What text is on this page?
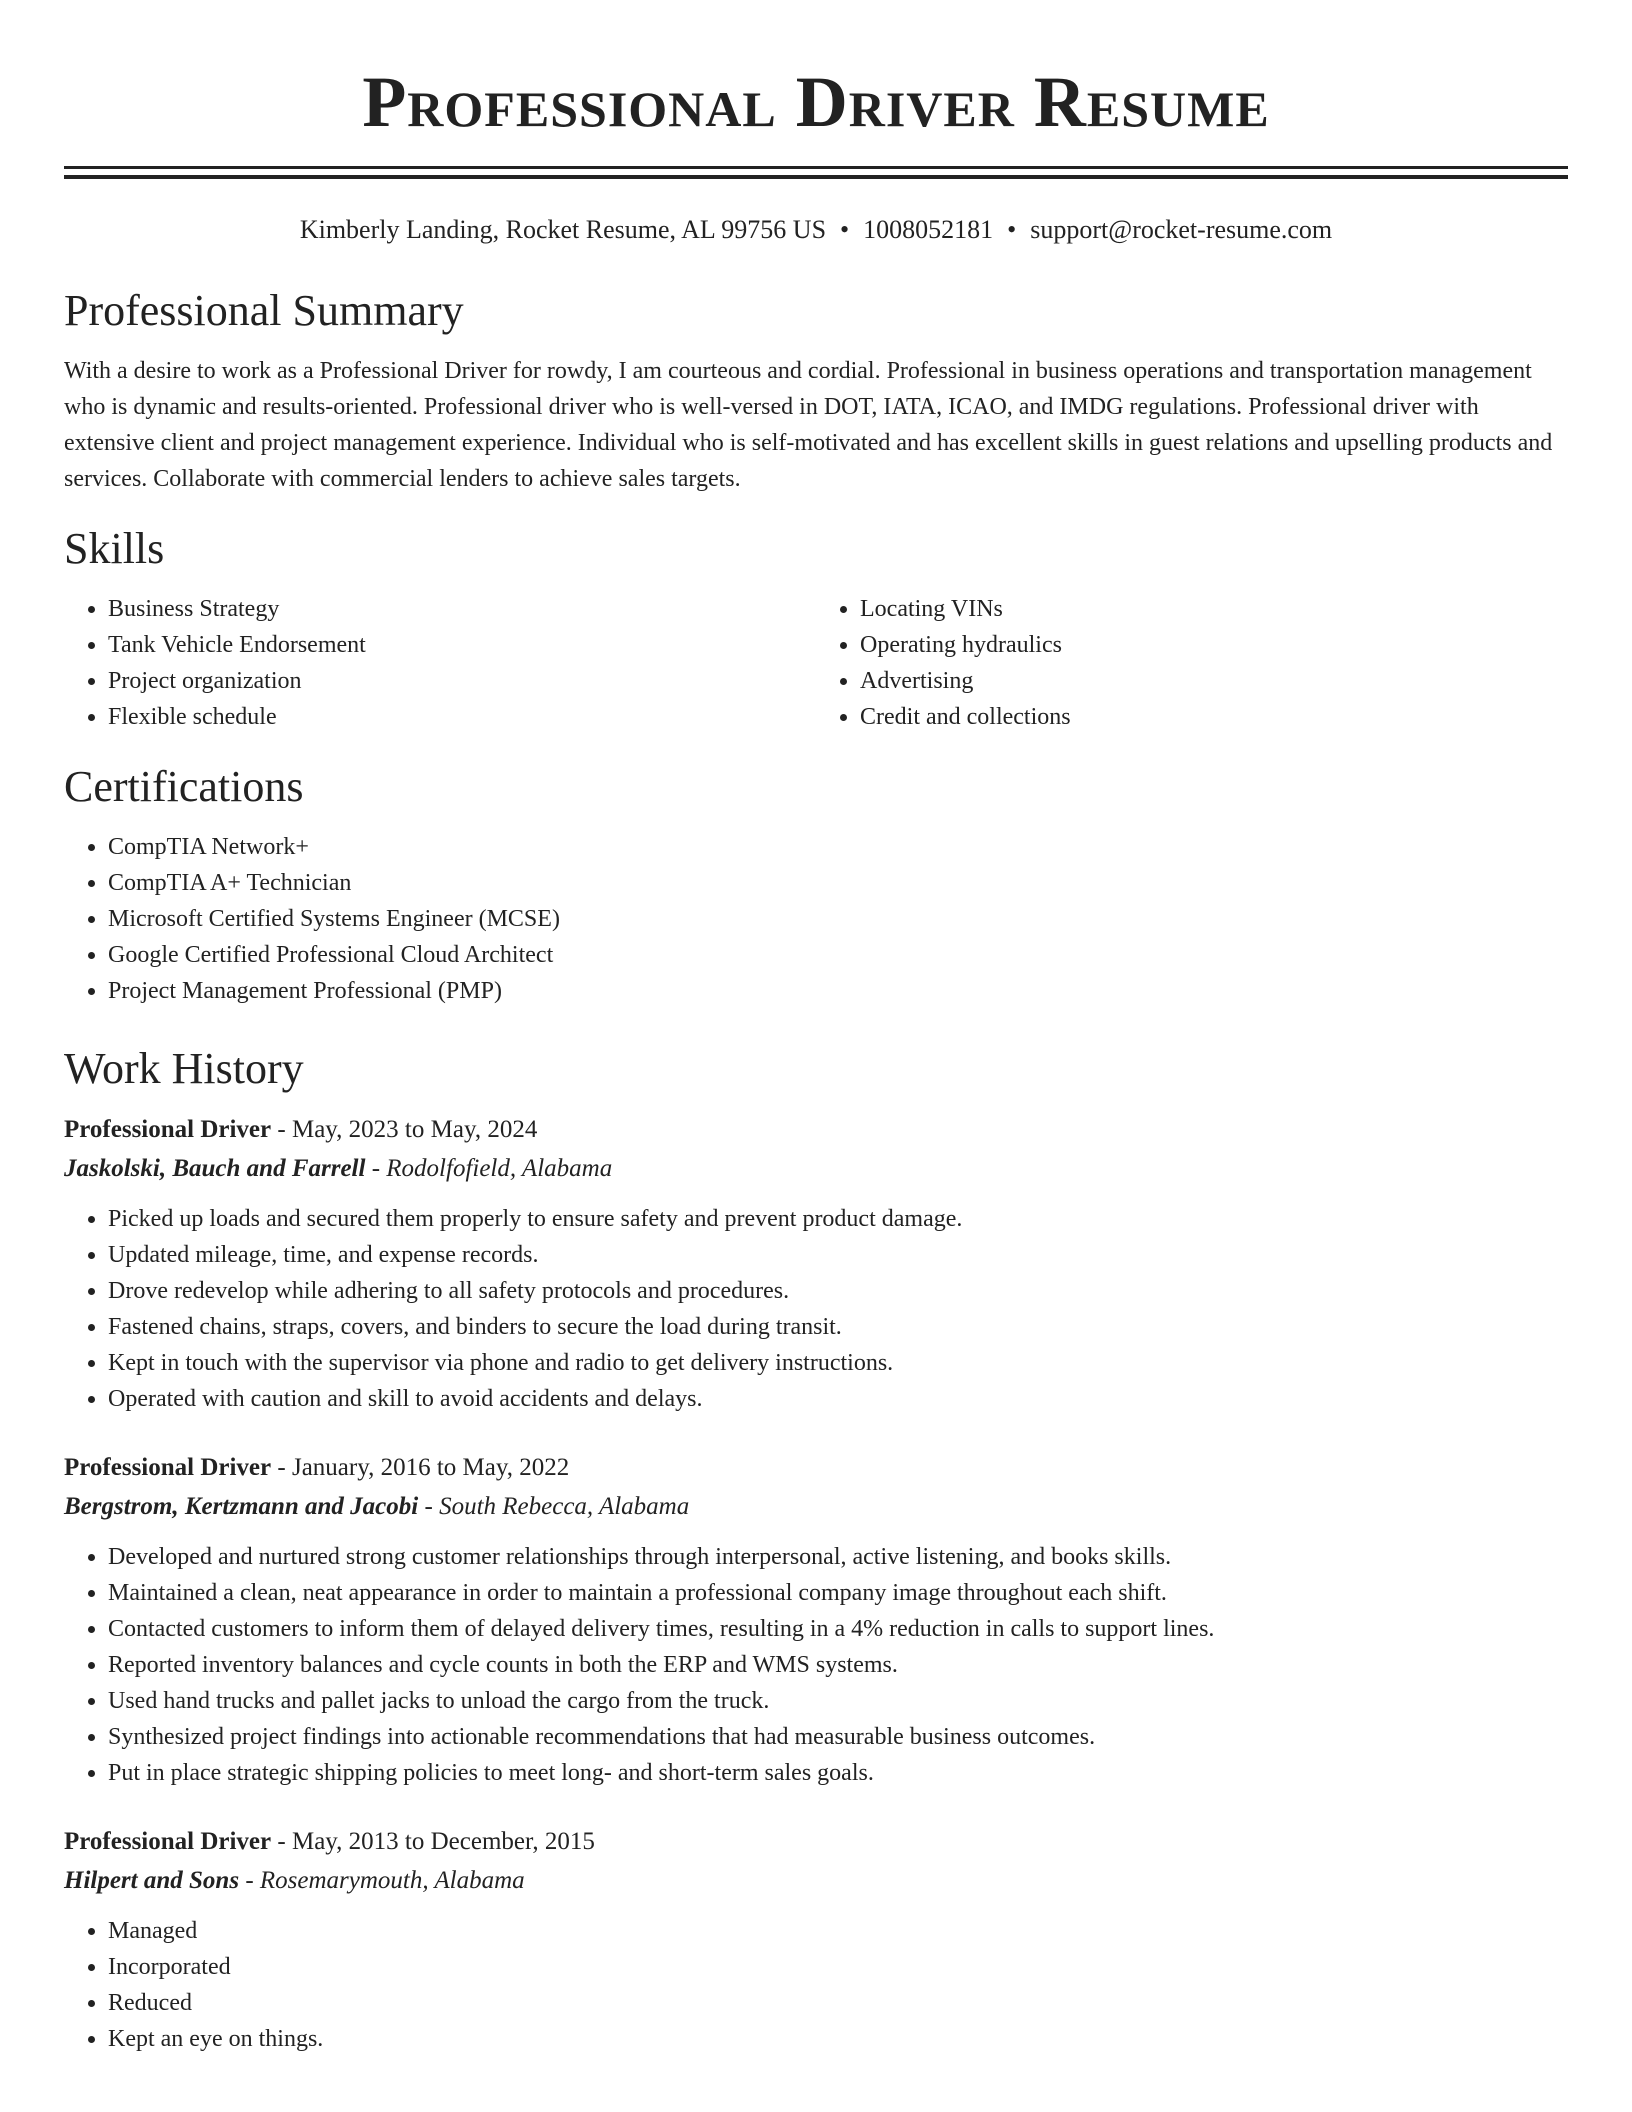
Professional Driver Resume
Kimberly Landing, Rocket Resume, AL 99756 US • 1008052181 • support@rocket-resume.com
Professional Summary

With a desire to work as a Professional Driver for rowdy, I am courteous and cordial. Professional in business operations and transportation management who is dynamic and results-oriented. Professional driver who is well-versed in DOT, IATA, ICAO, and IMDG regulations. Professional driver with extensive client and project management experience. Individual who is self-motivated and has excellent skills in guest relations and upselling products and services. Collaborate with commercial lenders to achieve sales targets.

Skills
• Business Strategy
• Tank Vehicle Endorsement
• Project organization
• Flexible schedule
• Locating VINs
• Operating hydraulics
• Advertising
• Credit and collections
Certifications
• CompTIA Network+
• CompTIA A+ Technician
• Microsoft Certified Systems Engineer (MCSE)
• Google Certified Professional Cloud Architect
• Project Management Professional (PMP)
Work History
Professional Driver - May, 2023 to May, 2024
Jaskolski, Bauch and Farrell - Rodolfofield, Alabama
• Picked up loads and secured them properly to ensure safety and prevent product damage.
• Updated mileage, time, and expense records.
• Drove redevelop while adhering to all safety protocols and procedures.
• Fastened chains, straps, covers, and binders to secure the load during transit.
• Kept in touch with the supervisor via phone and radio to get delivery instructions.
• Operated with caution and skill to avoid accidents and delays.
Professional Driver - January, 2016 to May, 2022
Bergstrom, Kertzmann and Jacobi - South Rebecca, Alabama
• Developed and nurtured strong customer relationships through interpersonal, active listening, and books skills.
• Maintained a clean, neat appearance in order to maintain a professional company image throughout each shift.
• Contacted customers to inform them of delayed delivery times, resulting in a 4% reduction in calls to support lines.
• Reported inventory balances and cycle counts in both the ERP and WMS systems.
• Used hand trucks and pallet jacks to unload the cargo from the truck.
• Synthesized project findings into actionable recommendations that had measurable business outcomes.
• Put in place strategic shipping policies to meet long- and short-term sales goals.
Professional Driver - May, 2013 to December, 2015
Hilpert and Sons - Rosemarymouth, Alabama
• Managed
• Incorporated
• Reduced
• Kept an eye on things.
